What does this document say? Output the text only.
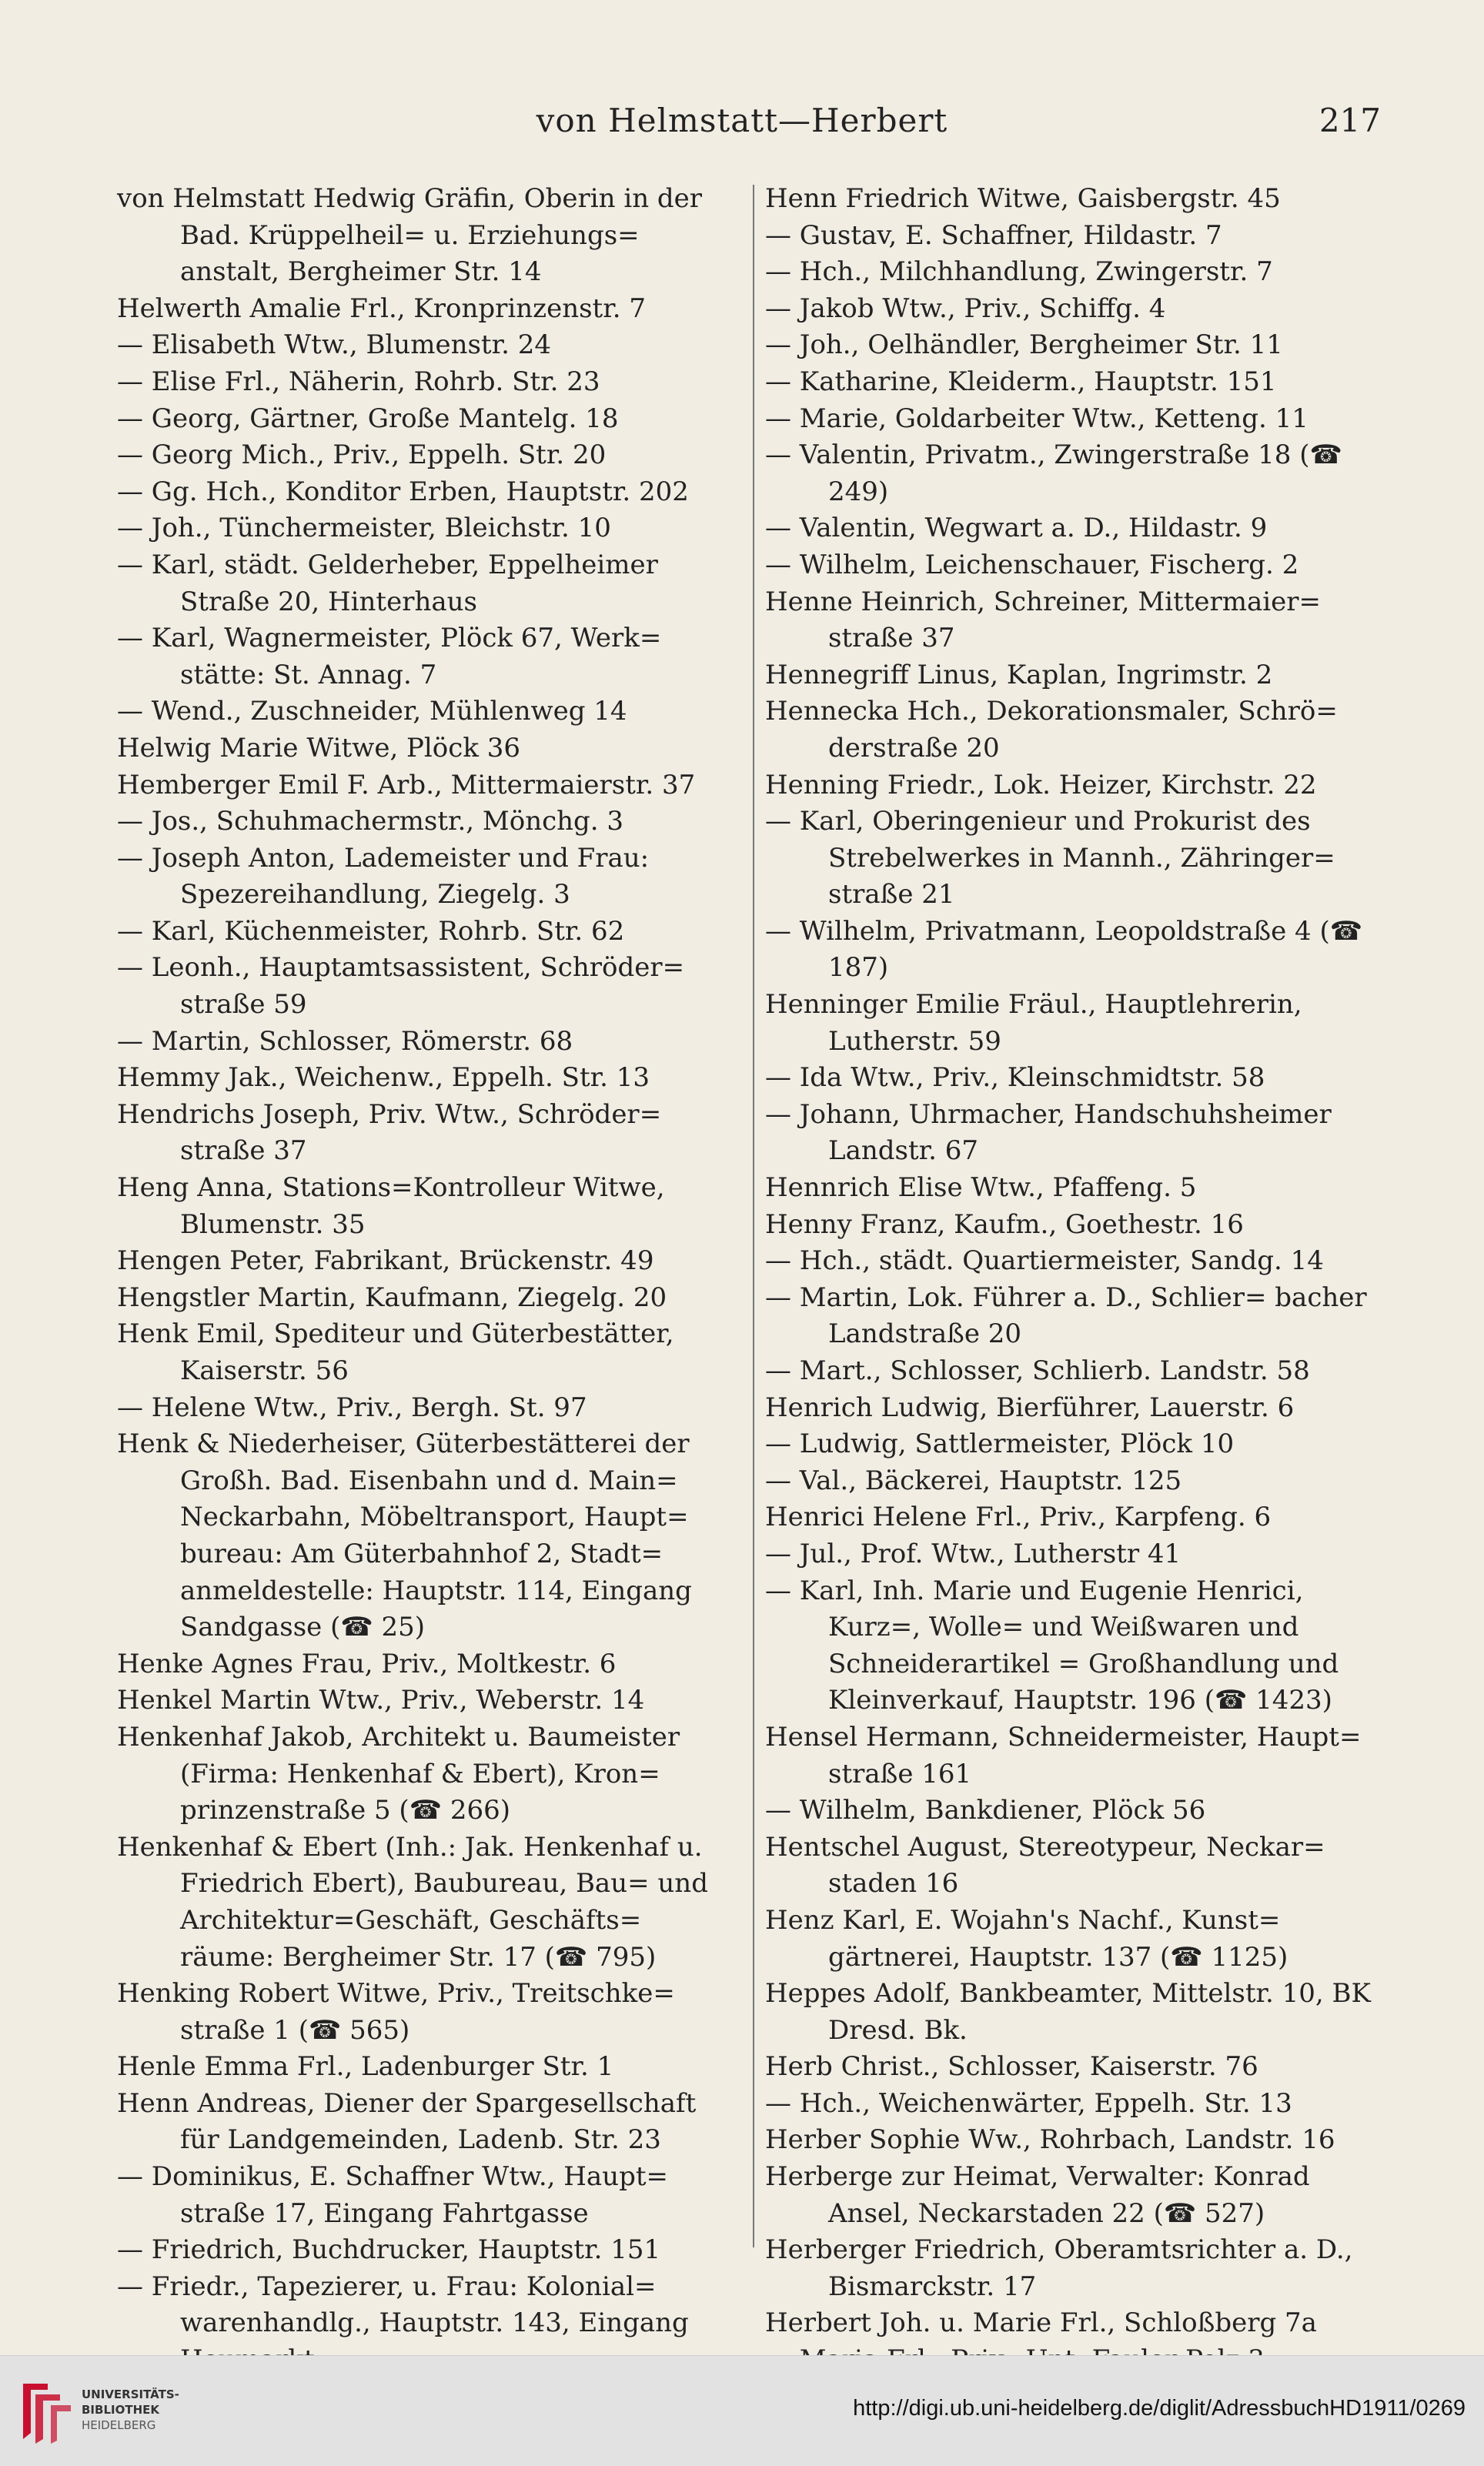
von Helmstatt—Herbert	217

von Helmstatt Hedwig Gräfin, Oberin in der Bad. Krüppelheil= u. Erziehungs= anstalt, Bergheimer Str. 14

Helwerth Amalie Frl., Kronprinzenstr. 7

— Elisabeth Wtw., Blumenstr. 24

— Elise Frl., Näherin, Rohrb. Str. 23

— Georg, Gärtner, Große Mantelg. 18

— Georg Mich., Priv., Eppelh. Str. 20

— Gg. Hch., Konditor Erben, Hauptstr. 202

— Joh., Tünchermeister, Bleichstr. 10

— Karl, städt. Gelderheber, Eppelheimer Straße 20, Hinterhaus

— Karl, Wagnermeister, Plöck 67, Werk= stätte: St. Annag. 7

— Wend., Zuschneider, Mühlenweg 14

Helwig Marie Witwe, Plöck 36

Hemberger Emil F. Arb., Mittermaierstr. 37

— Jos., Schuhmachermstr., Mönchg. 3

— Joseph Anton, Lademeister und Frau: Spezereihandlung, Ziegelg. 3

— Karl, Küchenmeister, Rohrb. Str. 62

— Leonh., Hauptamtsassistent, Schröder= straße 59

— Martin, Schlosser, Römerstr. 68

Hemmy Jak., Weichenw., Eppelh. Str. 13

Hendrichs Joseph, Priv. Wtw., Schröder= straße 37

Heng Anna, Stations=Kontrolleur Witwe, Blumenstr. 35

Hengen Peter, Fabrikant, Brückenstr. 49

Hengstler Martin, Kaufmann, Ziegelg. 20

Henk Emil, Spediteur und Güterbestätter, Kaiserstr. 56

— Helene Wtw., Priv., Bergh. St. 97

Henk & Niederheiser, Güterbestätterei der Großh. Bad. Eisenbahn und d. Main= Neckarbahn, Möbeltransport, Haupt= bureau: Am Güterbahnhof 2, Stadt= anmeldestelle: Hauptstr. 114, Eingang Sandgasse (☎ 25)

Henke Agnes Frau, Priv., Moltkestr. 6

Henkel Martin Wtw., Priv., Weberstr. 14

Henkenhaf Jakob, Architekt u. Baumeister (Firma: Henkenhaf & Ebert), Kron= prinzenstraße 5 (☎ 266)

Henkenhaf & Ebert (Inh.: Jak. Henkenhaf u. Friedrich Ebert), Baubureau, Bau= und Architektur=Geschäft, Geschäfts= räume: Bergheimer Str. 17 (☎ 795)

Henking Robert Witwe, Priv., Treitschke= straße 1 (☎ 565)

Henle Emma Frl., Ladenburger Str. 1

Henn Andreas, Diener der Spargesellschaft für Landgemeinden, Ladenb. Str. 23

— Dominikus, E. Schaffner Wtw., Haupt= straße 17, Eingang Fahrtgasse

— Friedrich, Buchdrucker, Hauptstr. 151

— Friedr., Tapezierer, u. Frau: Kolonial= warenhandlg., Hauptstr. 143, Eingang

Henn Friedrich Witwe, Gaisbergstr. 45

— Gustav, E. Schaffner, Hildastr. 7

— Hch., Milchhandlung, Zwingerstr. 7

— Jakob Wtw., Priv., Schiffg. 4

— Joh., Oelhändler, Bergheimer Str. 11

— Katharine, Kleiderm., Hauptstr. 151

— Marie, Goldarbeiter Wtw., Ketteng. 11

— Valentin, Privatm., Zwingerstraße 18 (☎ 249)

— Valentin, Wegwart a. D., Hildastr. 9

— Wilhelm, Leichenschauer, Fischerg. 2

Henne Heinrich, Schreiner, Mittermaier= straße 37

Hennegriff Linus, Kaplan, Ingrimstr. 2

Hennecka Hch., Dekorationsmaler, Schrö= derstraße 20

Henning Friedr., Lok. Heizer, Kirchstr. 22

— Karl, Oberingenieur und Prokurist des Strebelwerkes in Mannh., Zähringer= straße 21

— Wilhelm, Privatmann, Leopoldstraße 4 (☎ 187)

Henninger Emilie Fräul., Hauptlehrerin, Lutherstr. 59

— Ida Wtw., Priv., Kleinschmidtstr. 58

— Johann, Uhrmacher, Handschuhsheimer Landstr. 67

Hennrich Elise Wtw., Pfaffeng. 5

Henny Franz, Kaufm., Goethestr. 16

— Hch., städt. Quartiermeister, Sandg. 14

— Martin, Lok. Führer a. D., Schlier= bacher Landstraße 20

— Mart., Schlosser, Schlierb. Landstr. 58

Henrich Ludwig, Bierführer, Lauerstr. 6

— Ludwig, Sattlermeister, Plöck 10

— Val., Bäckerei, Hauptstr. 125

Henrici Helene Frl., Priv., Karpfeng. 6

— Jul., Prof. Wtw., Lutherstr 41

— Karl, Inh. Marie und Eugenie Henrici, Kurz=, Wolle= und Weißwaren und Schneiderartikel = Großhandlung und Kleinverkauf, Hauptstr. 196 (☎ 1423)

Hensel Hermann, Schneidermeister, Haupt= straße 161

— Wilhelm, Bankdiener, Plöck 56

Hentschel August, Stereotypeur, Neckar= staden 16

Henz Karl, E. Wojahn's Nachf., Kunst= gärtnerei, Hauptstr. 137 (☎ 1125)

Heppes Adolf, Bankbeamter, Mittelstr. 10, BK Dresd. Bk.

Herb Christ., Schlosser, Kaiserstr. 76

— Hch., Weichenwärter, Eppelh. Str. 13

Herber Sophie Ww., Rohrbach, Landstr. 16

Herberge zur Heimat, Verwalter: Konrad Ansel, Neckarstaden 22 (☎ 527)

Herberger Friedrich, Oberamtsrichter a. D., Bismarckstr. 17

Herbert Joh. u. Marie Frl., Schloßberg 7a

UNIVERSITÄTS-
BIBLIOTHEK
HEIDELBERG
http://digi.ub.uni-heidelberg.de/diglit/AdressbuchHD1911/0269
